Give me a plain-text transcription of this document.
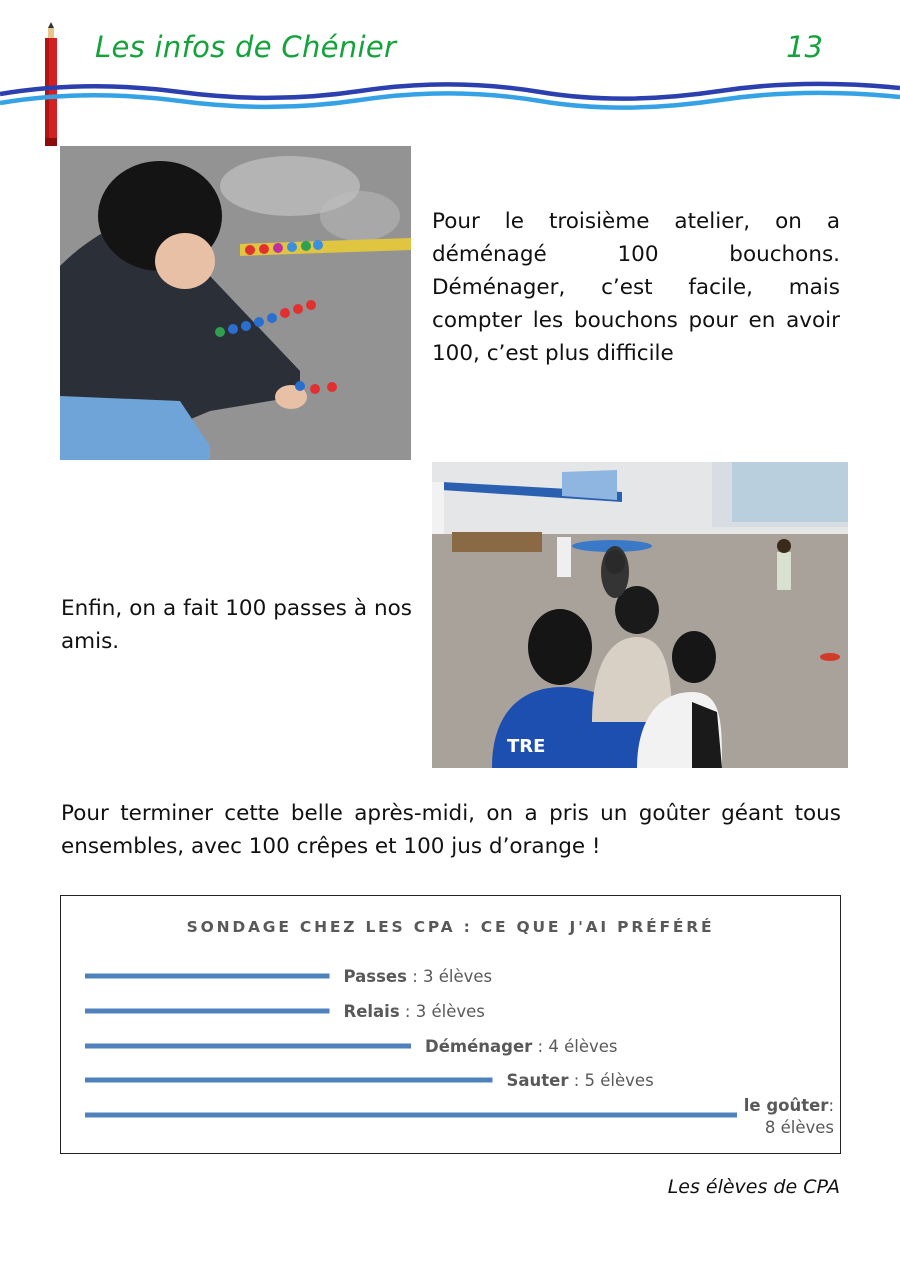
Les infos de Chénier	13
Pour le troisième atelier, on a déménagé 100 bouchons. Déménager, c’est facile, mais compter les bouchons pour en avoir 100, c’est plus difficile
TRE
Enfin, on a fait 100 passes à nos amis.
Pour terminer cette belle après-midi, on a pris un goûter géant tous ensembles, avec 100 crêpes et 100 jus d’orange !
SONDAGE CHEZ LES CPA : CE QUE J'AI PRÉFÉRÉ
Passes : 3 élèves
Relais : 3 élèves
Déménager : 4 élèves
Sauter : 5 élèves
le goûter:
8 élèves
Les élèves de CPA
